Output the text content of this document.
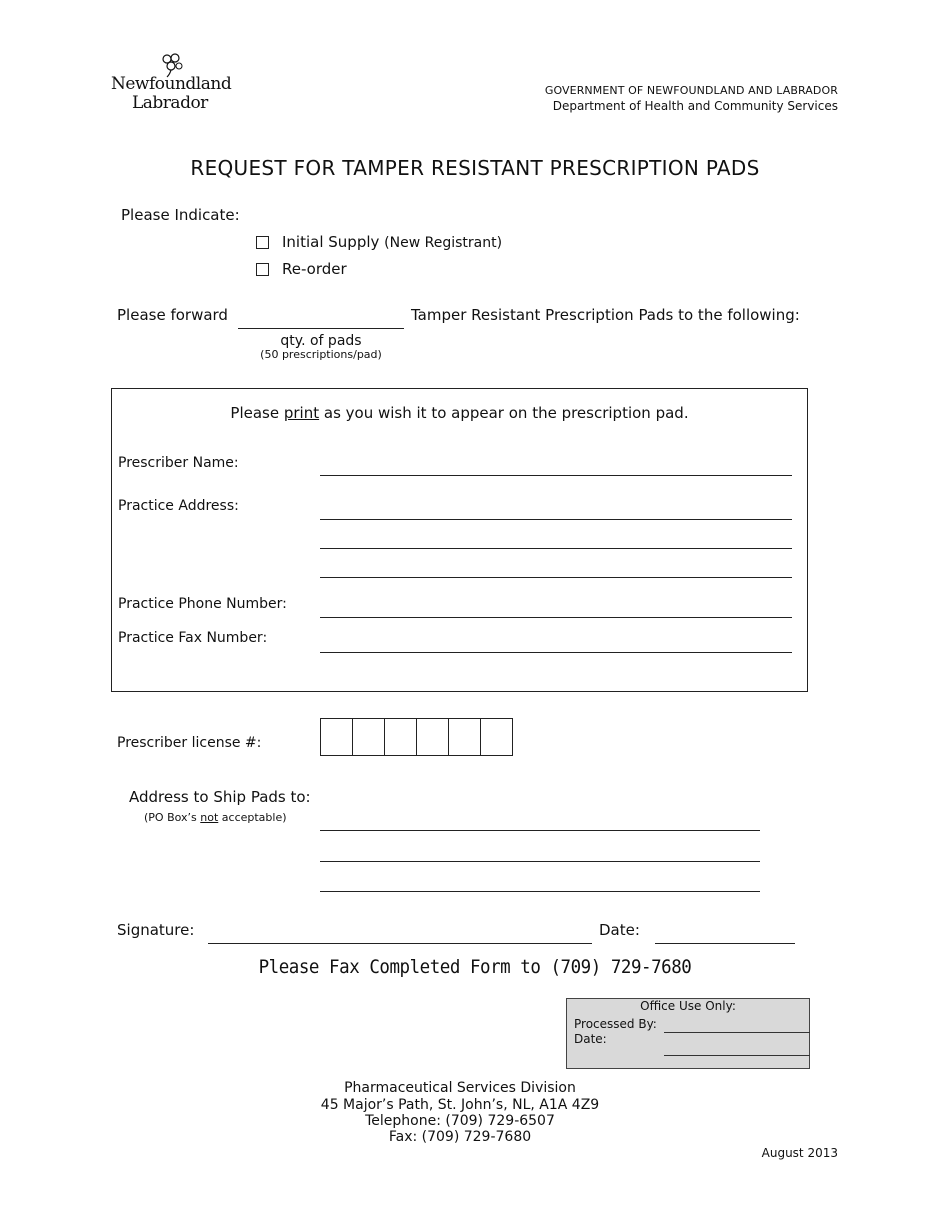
Newfoundland
Labrador
GOVERNMENT OF NEWFOUNDLAND AND LABRADOR
Department of Health and Community Services
REQUEST FOR TAMPER RESISTANT PRESCRIPTION PADS
Please Indicate:
Initial Supply (New Registrant)
Re-order
Please forward	Tamper Resistant Prescription Pads to the following:
qty. of pads
(50 prescriptions/pad)
Please print as you wish it to appear on the prescription pad.
Prescriber Name:
Practice Address:
Practice Phone Number:
Practice Fax Number:
Prescriber license #:
Address to Ship Pads to:
(PO Box’s not acceptable)
Signature:	Date:
Please Fax Completed Form to (709) 729-7680
Office Use Only:
Processed By:
Date:
Pharmaceutical Services Division
45 Major’s Path, St. John’s, NL, A1A 4Z9
Telephone: (709) 729-6507
Fax: (709) 729-7680
August 2013
